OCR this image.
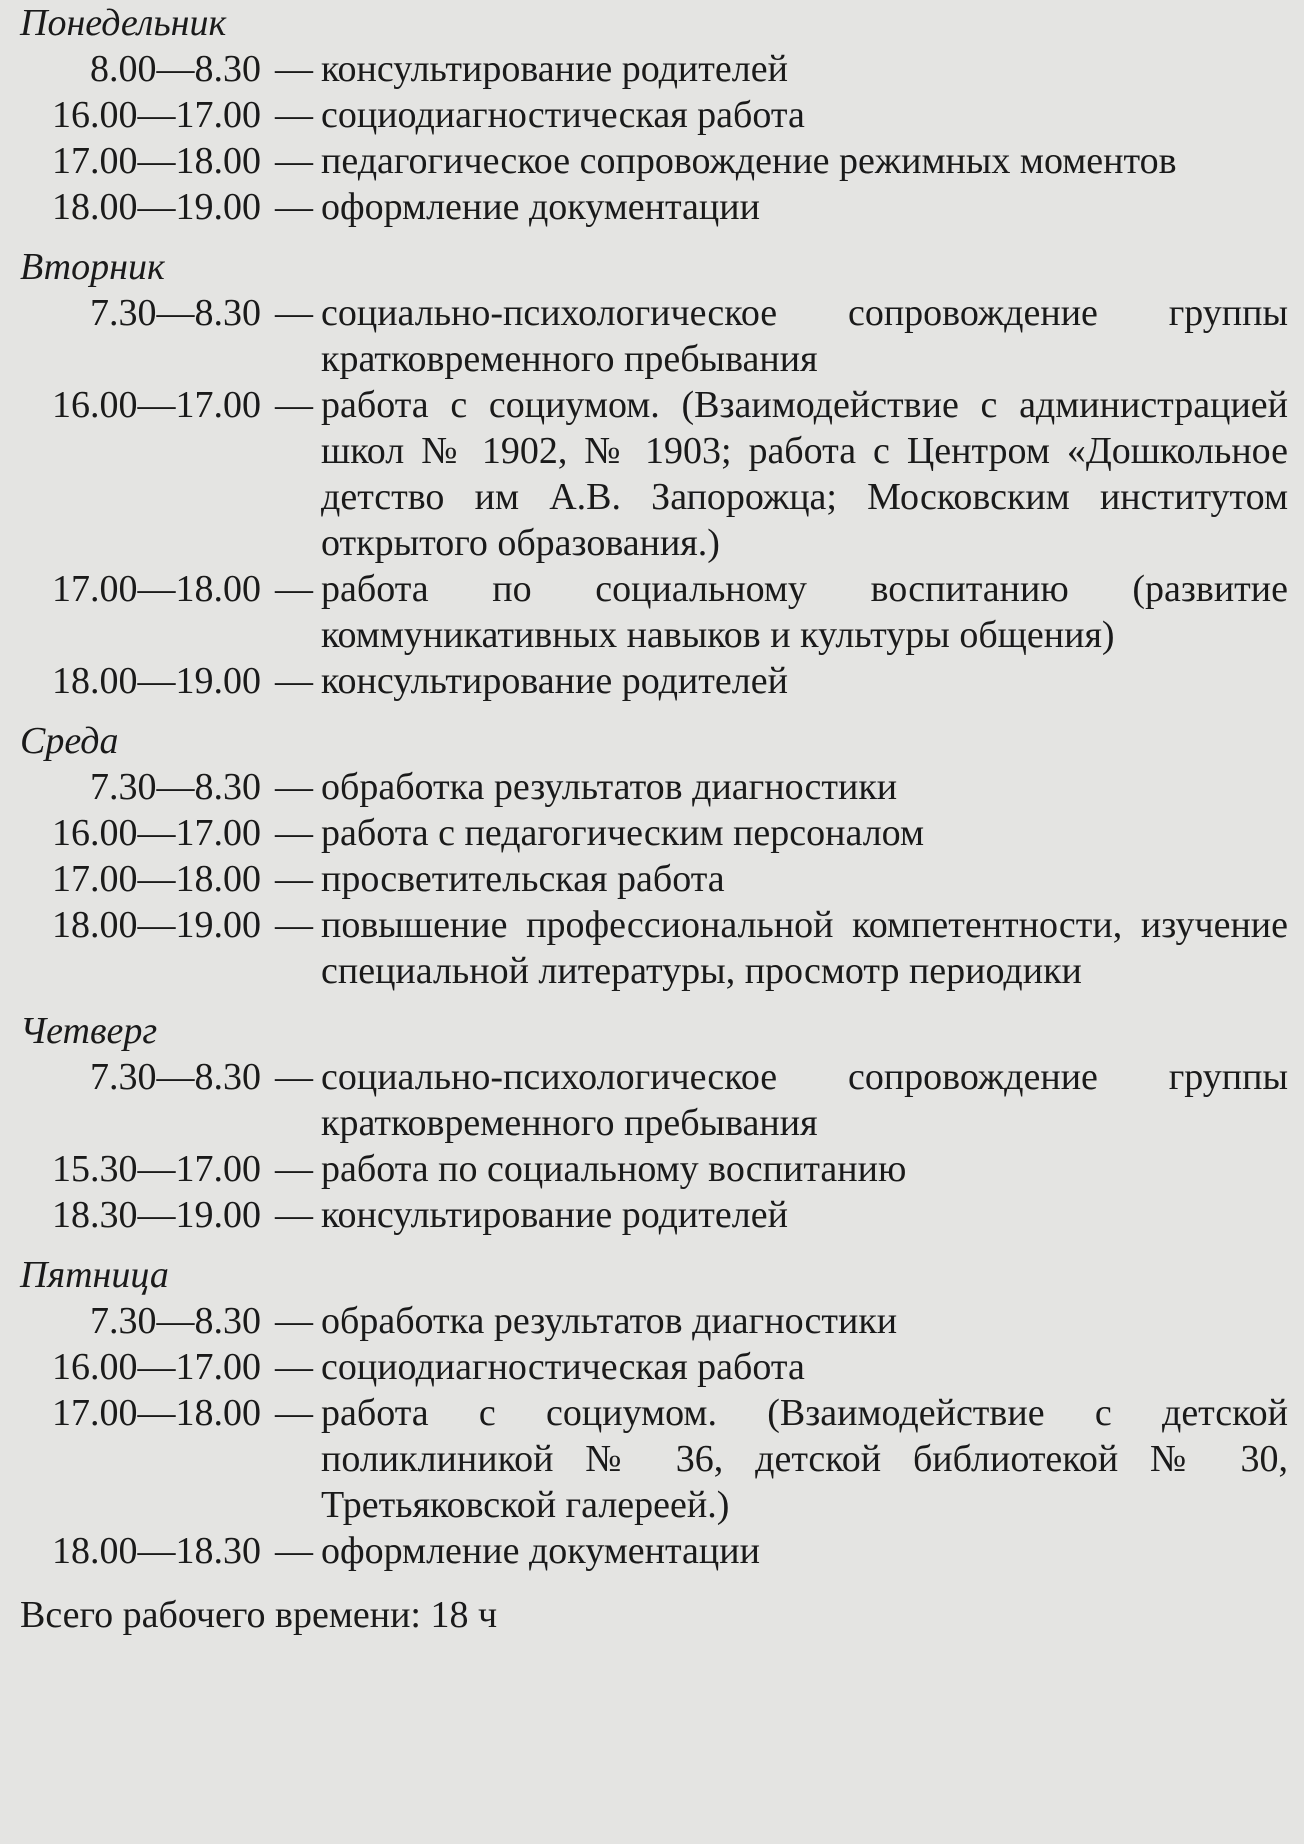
Понедельник
8.00—8.30 — консультирование родителей
16.00—17.00 — социодиагностическая работа
17.00—18.00 — педагогическое сопровождение режимных моментов
18.00—19.00 — оформление документации
Вторник
7.30—8.30 — социально-психологическое сопровождение группы кратковременного пребывания
16.00—17.00 — работа с социумом. (Взаимодействие с администрацией школ № 1902, № 1903; работа с Центром «Дошкольное детство им А.В. Запорожца; Московским институтом открытого образования.)
17.00—18.00 — работа по социальному воспитанию (развитие коммуникативных навыков и культуры общения)
18.00—19.00 — консультирование родителей
Среда
7.30—8.30 — обработка результатов диагностики
16.00—17.00 — работа с педагогическим персоналом
17.00—18.00 — просветительская работа
18.00—19.00 — повышение профессиональной компетентности, изучение специальной литературы, просмотр периодики
Четверг
7.30—8.30 — социально-психологическое сопровождение группы кратковременного пребывания
15.30—17.00 — работа по социальному воспитанию
18.30—19.00 — консультирование родителей
Пятница
7.30—8.30 — обработка результатов диагностики
16.00—17.00 — социодиагностическая работа
17.00—18.00 — работа с социумом. (Взаимодействие с детской поликлиникой № 36, детской библиотекой № 30, Третьяковской галереей.)
18.00—18.30 — оформление документации
Всего рабочего времени: 18 ч
